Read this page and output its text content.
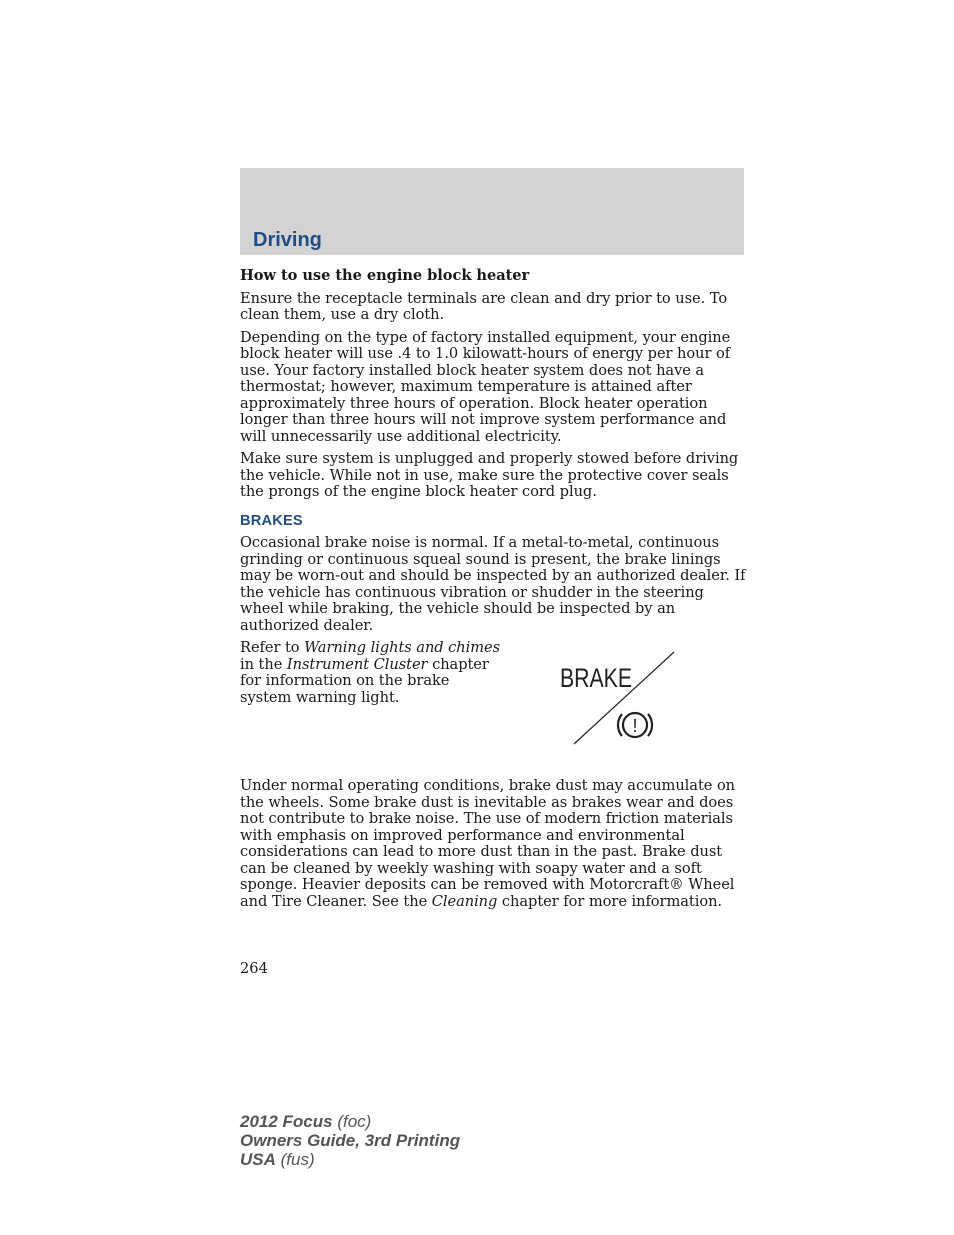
Driving
How to use the engine block heater

Ensure the receptacle terminals are clean and dry prior to use. To clean them, use a dry cloth.

Depending on the type of factory installed equipment, your engine block heater will use .4 to 1.0 kilowatt-hours of energy per hour of use. Your factory installed block heater system does not have a thermostat; however, maximum temperature is attained after approximately three hours of operation. Block heater operation longer than three hours will not improve system performance and will unnecessarily use additional electricity.

Make sure system is unplugged and properly stowed before driving the vehicle. While not in use, make sure the protective cover seals the prongs of the engine block heater cord plug.

BRAKES

Occasional brake noise is normal. If a metal-to-metal, continuous grinding or continuous squeal sound is present, the brake linings may be worn-out and should be inspected by an authorized dealer. If the vehicle has continuous vibration or shudder in the steering wheel while braking, the vehicle should be inspected by an authorized dealer.

Refer to Warning lights and chimes in the Instrument Cluster chapter for information on the brake system warning light.

BRAKE
!

Under normal operating conditions, brake dust may accumulate on the wheels. Some brake dust is inevitable as brakes wear and does not contribute to brake noise. The use of modern friction materials with emphasis on improved performance and environmental considerations can lead to more dust than in the past. Brake dust can be cleaned by weekly washing with soapy water and a soft sponge. Heavier deposits can be removed with Motorcraft® Wheel and Tire Cleaner. See the Cleaning chapter for more information.

264

2012 Focus (foc)
Owners Guide, 3rd Printing
USA (fus)
